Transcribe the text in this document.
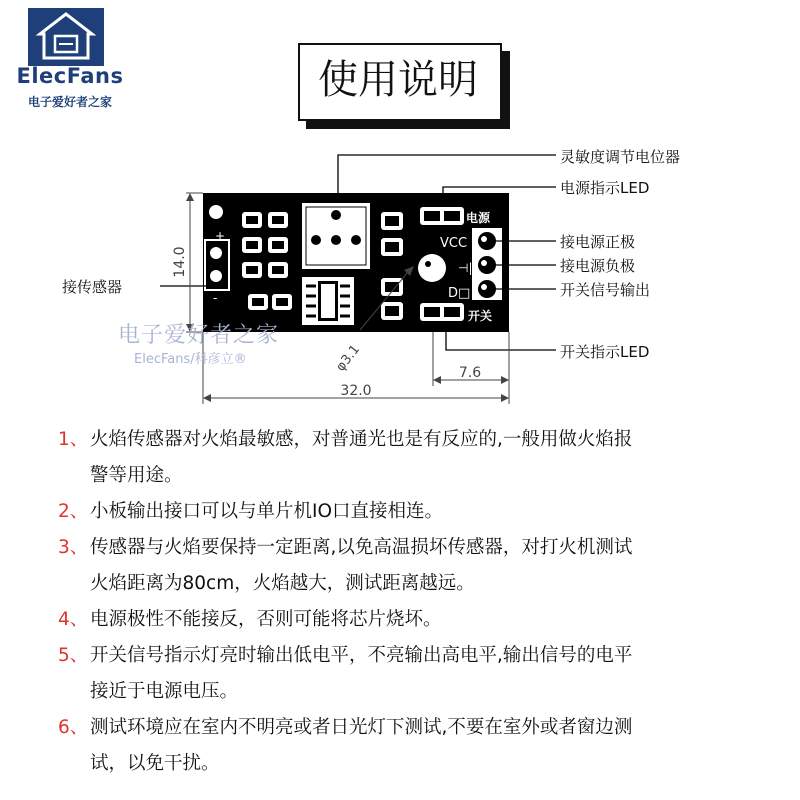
ElecFans
电子爱好者之家	使用说明
+
-
电源
VCC
⊣|
D□
开关
灵敏度调节电位器
电源指示LED
接电源正极
接电源负极
开关信号输出
开关指示LED
接传感器
14.0
φ3.1	7.6
32.0
电子爱好者之家
ElecFans/科彦立®
1、 火焰传感器对火焰最敏感，对普通光也是有反应的,一般用做火焰报
警等用途。
2、 小板输出接口可以与单片机IO口直接相连。
3、 传感器与火焰要保持一定距离,以免高温损坏传感器，对打火机测试
火焰距离为80cm，火焰越大，测试距离越远。
4、 电源极性不能接反，否则可能将芯片烧坏。
5、 开关信号指示灯亮时输出低电平，不亮输出高电平,输出信号的电平
接近于电源电压。
6、 测试环境应在室内不明亮或者日光灯下测试,不要在室外或者窗边测
试，以免干扰。
